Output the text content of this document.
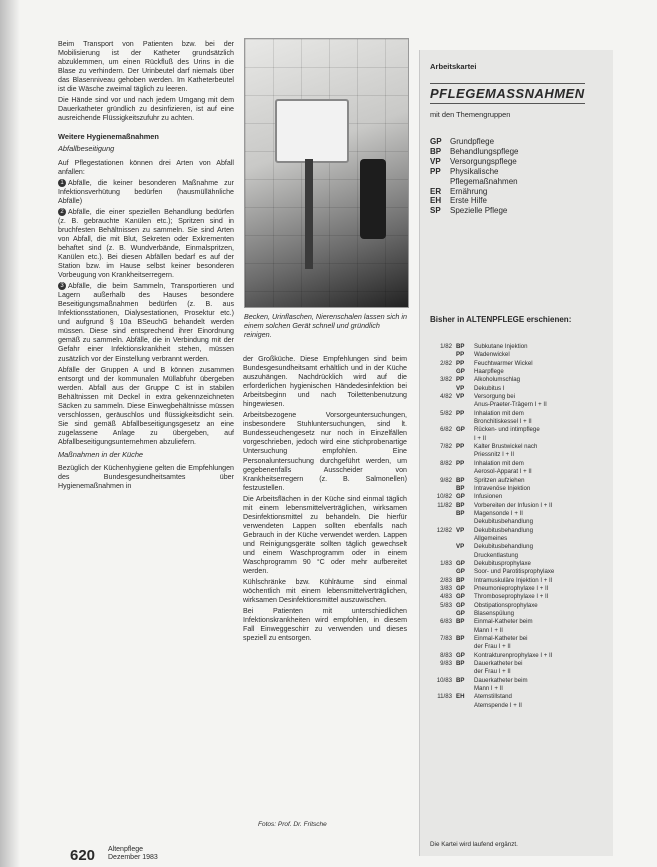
Beim Transport von Patienten bzw. bei der Mobilisierung ist der Katheter grundsätzlich abzuklemmen, um einen Rückfluß des Urins in die Blase zu verhindern. Der Urinbeutel darf niemals über das Blasenniveau gehoben werden. Im Katheterbeutel ist die Wäsche zweimal täglich zu leeren.

Die Hände sind vor und nach jedem Umgang mit dem Dauerkatheter gründlich zu desinfizieren, ist auf eine ausreichende Flüssigkeitszufuhr zu achten.

Weitere Hygienemaßnahmen

Abfallbeseitigung

Auf Pflegestationen können drei Arten von Abfall anfallen:

1 Abfälle, die keiner besonderen Maßnahme zur Infektionsverhütung bedürfen (hausmüllähnliche Abfälle)

2 Abfälle, die einer speziellen Behandlung bedürfen (z. B. gebrauchte Kanülen etc.); Spritzen sind in bruchfesten Behältnissen zu sammeln. Sie sind Arten von Abfall, die mit Blut, Sekreten oder Exkrementen behaftet sind (z. B. Wundverbände, Einmalspritzen, Kanülen etc.). Bei diesen Abfällen bedarf es auf der Station bzw. im Hause selbst keiner besonderen Vorbeugung von Krankheitserregern.

3 Abfälle, die beim Sammeln, Transportieren und Lagern außerhalb des Hauses besondere Beseitigungsmaßnahmen bedürfen (z. B. aus Infektionsstationen, Dialysestationen, Prosektur etc.) und aufgrund § 10a BSeuchG behandelt werden müssen. Diese sind entsprechend ihrer Einordnung gemäß zu sammeln. Abfälle, die in Verbindung mit der Gefahr einer Infektionskrankheit stehen, müssen zusätzlich vor der Einstellung verbrannt werden.

Abfälle der Gruppen A und B können zusammen entsorgt und der kommunalen Müllabfuhr übergeben werden. Abfall aus der Gruppe C ist in stabilen Behältnissen mit Deckel in extra gekennzeichneten Säcken zu sammeln. Diese Einwegbehältnisse müssen verschlossen, geräuschlos und flüssigkeitsdicht sein. Sie sind gemäß Abfallbeseitigungsgesetz an eine zugelassene Anlage zu übergeben, auf Abfallbeseitigungsunternehmen abzuliefern.

Maßnahmen in der Küche

Bezüglich der Küchenhygiene gelten die Empfehlungen des Bundesgesundheitsamtes über Hygienemaßnahmen in

Becken, Urinflaschen, Nierenschalen lassen sich in einem solchen Gerät schnell und gründlich reinigen.

der Großküche. Diese Empfehlungen sind beim Bundesgesundheitsamt erhältlich und in der Küche auszuhängen. Nachdrücklich wird auf die erforderlichen hygienischen Händedesinfektion bei Arbeitsbeginn und nach Toilettenbenutzung hingewiesen.

Arbeitsbezogene Vorsorgeuntersuchungen, insbesondere Stuhluntersuchungen, sind lt. Bundesseuchengesetz nur noch in Einzelfällen vorgeschrieben, jedoch wird eine stichprobenartige Untersuchung empfohlen. Eine Personaluntersuchung durchgeführt werden, um gegebenenfalls Ausscheider von Krankheitserregern (z. B. Salmonellen) festzustellen.

Die Arbeitsflächen in der Küche sind einmal täglich mit einem lebensmittelverträglichen, wirksamen Desinfektionsmittel zu behandeln. Die hierfür verwendeten Lappen sollten ebenfalls nach Gebrauch in der Küche verwendet werden. Lappen und Reinigungsgeräte sollten täglich gewechselt und einem Waschprogramm oder in einem Waschprogramm 90 °C oder mehr aufbereitet werden.

Kühlschränke bzw. Kühlräume sind einmal wöchentlich mit einem lebensmittelverträglichen, wirksamen Desinfektionsmittel auszuwischen.

Bei Patienten mit unterschiedlichen Infektionskrankheiten wird empfohlen, in diesem Fall Einweggeschirr zu verwenden und dieses speziell zu entsorgen.

Fotos: Prof. Dr. Fritsche
Arbeitskartei
PFLEGEMASSNAHMEN
mit den Themengruppen
GP	Grundpflege
BP	Behandlungspflege
VP	Versorgungspflege
PP	Physikalische
Pflegemaßnahmen
ER	Ernährung
EH	Erste Hilfe
SP	Spezielle Pflege
Bisher in ALTENPFLEGE erschienen:
1/82 BP	Subkutane Injektion
PP	Wadenwickel
2/82 PP	Feuchtwarmer Wickel
GP	Haarpflege
3/82 PP	Alkoholumschlag
VP	Dekubitus I
4/82 VP	Versorgung bei
Anus-Praeter-Trägern I + II
5/82 PP	Inhalation mit dem
Bronchitiskessel I + II
6/82 GP	Rücken- und intimpflege
I + II
7/82 PP	Kalter Brustwickel nach
Priessnitz I + II
8/82 PP	Inhalation mit dem
Aerosol-Apparat I + II
9/82 BP	Spritzen aufziehen
BP	Intravenöse Injektion
10/82 GP	Infusionen
11/82 BP	Vorbereiten der Infusion I + II
BP	Magensonde I + II
Dekubitusbehandlung
12/82 VP	Dekubitusbehandlung
Allgemeines
VP	Dekubitusbehandlung
Druckentlastung
1/83 GP	Dekubitusprophylaxe
GP	Soor- und Parotitisprophylaxe
2/83 BP	Intramuskuläre Injektion I + II
3/83 GP	Pneumonieprophylaxe I + II
4/83 GP	Thromboseprophylaxe I + II
5/83 GP	Obstipationsprophylaxe
GP	Blasenspülung
6/83 BP	Einmal-Katheter beim
Mann I + II
7/83 BP	Einmal-Katheter bei
der Frau I + II
8/83 GP	Kontrakturenprophylaxe I + II
9/83 BP	Dauerkatheter bei
der Frau I + II
10/83 BP	Dauerkatheter beim
Mann I + II
11/83 EH	Atemstillstand
Atemspende I + II
Die Kartei wird laufend ergänzt.
620 Altenpflege
Dezember 1983
